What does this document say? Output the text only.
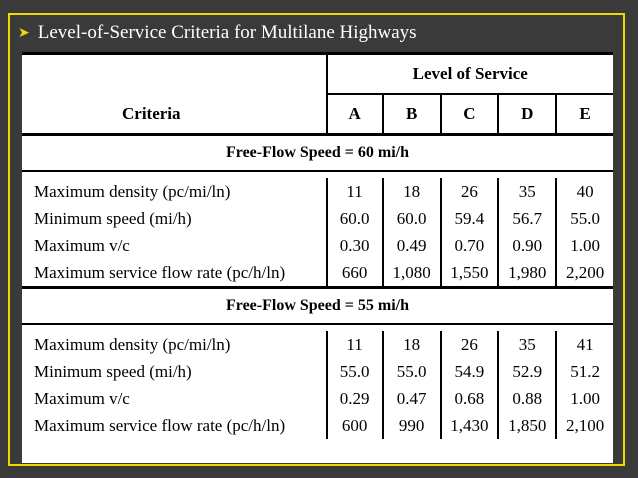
➤ Level-of-Service Criteria for Multilane Highways
	Level of Service				
Criteria	A	B	C	D	E
Free-Flow Speed = 60 mi/h					

Maximum density (pc/mi/ln)	11	18	26	35	40
Minimum speed (mi/h)	60.0	60.0	59.4	56.7	55.0
Maximum v/c	0.30	0.49	0.70	0.90	1.00
Maximum service flow rate (pc/h/ln)	660	1,080	1,550	1,980	2,200
Free-Flow Speed = 55 mi/h					

Maximum density (pc/mi/ln)	11	18	26	35	41
Minimum speed (mi/h)	55.0	55.0	54.9	52.9	51.2
Maximum v/c	0.29	0.47	0.68	0.88	1.00
Maximum service flow rate (pc/h/ln)	600	990	1,430	1,850	2,100
